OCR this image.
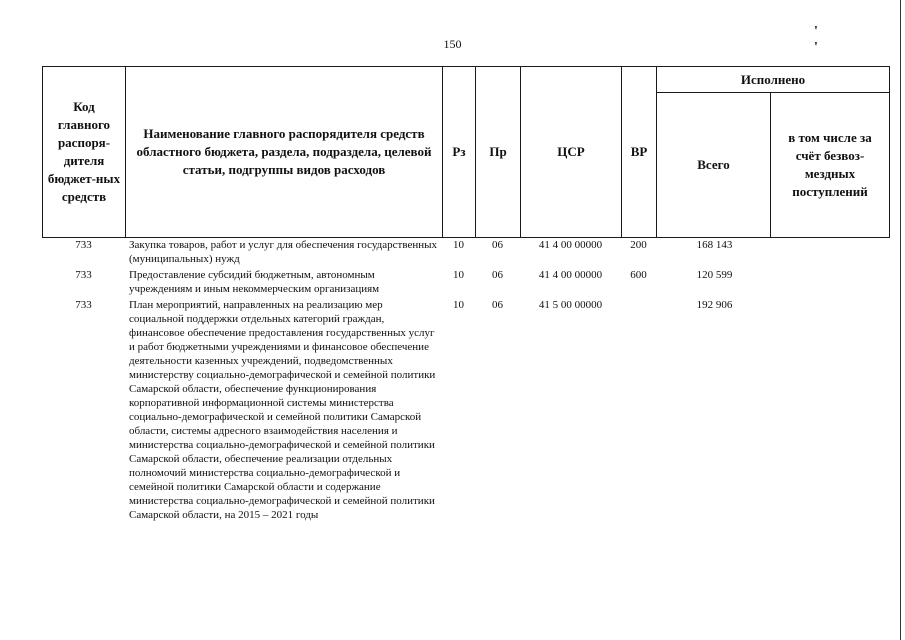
150
' '
Код главного распоря-дителя бюджет-ных средств	Наименование главного распорядителя средств областного бюджета, раздела, подраздела, целевой статьи, подгруппы видов расходов	Рз	Пр	ЦСР	ВР	Исполнено	
						Всего	в том числе за счёт безвоз-мездных поступлений
733	Закупка товаров, работ и услуг для обеспечения государственных (муниципальных) нужд	10	06	41 4 00 00000	200	168 143
733	Предоставление субсидий бюджетным, автономным учреждениям и иным некоммерческим организациям	10	06	41 4 00 00000	600	120 599
733	План мероприятий, направленных на реализацию мер социальной поддержки отдельных категорий граждан, финансовое обеспечение предоставления государственных услуг и работ бюджетными учреждениями и финансовое обеспечение деятельности казенных учреждений, подведомственных министерству социально-демографической и семейной политики Самарской области, обеспечение функционирования корпоративной информационной системы министерства социально-демографической и семейной политики Самарской области, системы адресного взаимодействия населения и министерства социально-демографической и семейной политики Самарской области, обеспечение реализации отдельных полномочий министерства социально-демографической и семейной политики Самарской области и содержание министерства социально-демографической и семейной политики Самарской области, на 2015 – 2021 годы	10	06	41 5 00 00000		192 906
